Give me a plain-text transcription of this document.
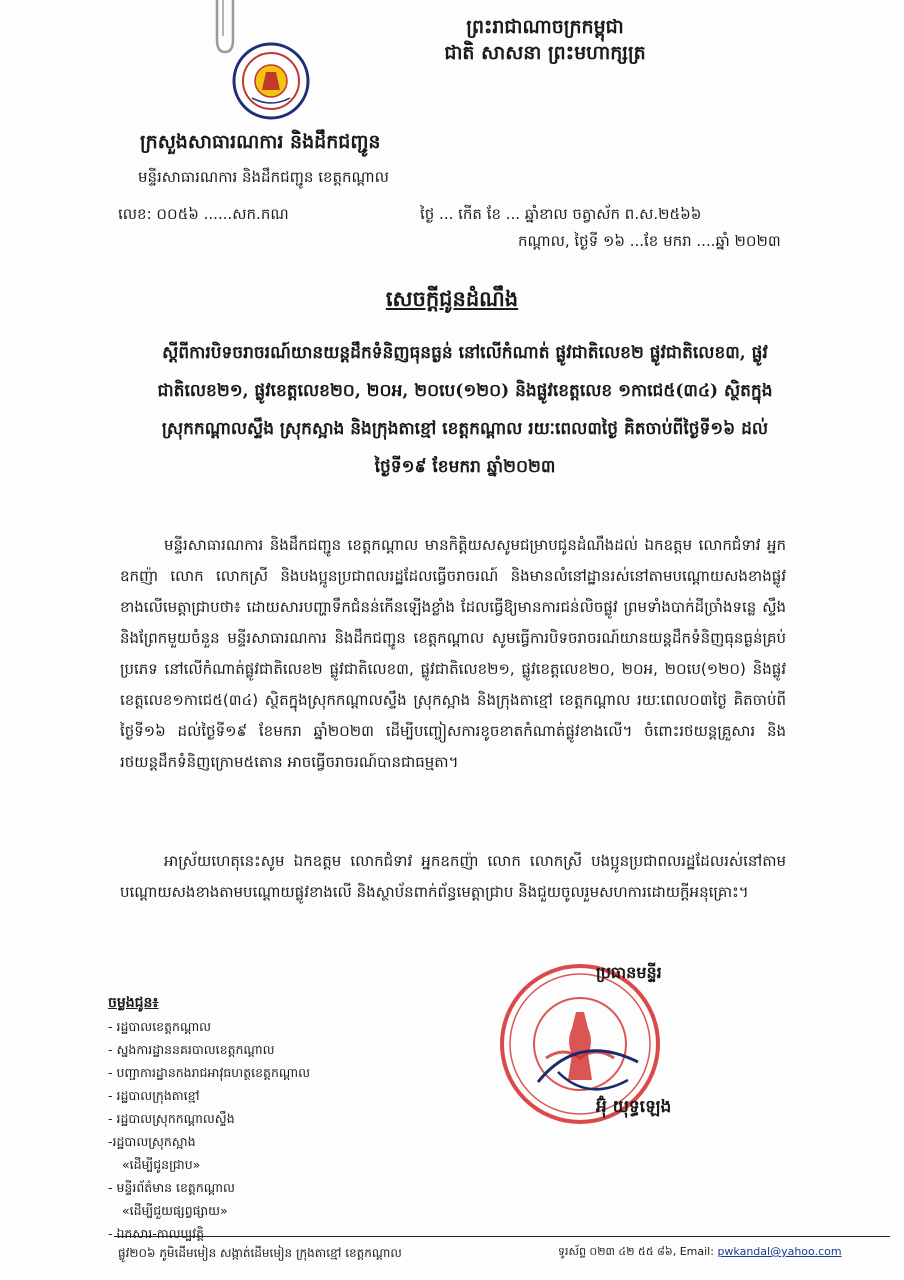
ព្រះរាជាណាចក្រកម្ពុជា
ជាតិ សាសនា ព្រះមហាក្សត្រ
ក្រសួងសាធារណការ និងដឹកជញ្ជូន
មន្ទីរសាធារណការ និងដឹកជញ្ជូន ខេត្តកណ្ដាល
លេខ: ០០៥៦ ......សក.កណ	ថ្ងៃ ... កើត ខែ ... ឆ្នាំខាល ចត្វាស័ក ព.ស.២៥៦៦
កណ្ដាល, ថ្ងៃទី ១៦ ...ខែ មករា ....ឆ្នាំ ២០២៣
សេចក្តីជូនដំណឹង
ស្ដីពីការបិទចរាចរណ៍យានយន្តដឹកទំនិញធុនធ្ងន់ នៅលើកំណាត់ ផ្លូវជាតិលេខ២ ផ្លូវជាតិលេខ៣, ផ្លូវជាតិលេខ២១, ផ្លូវខេត្តលេខ២០, ២០អ, ២០បេ(១២០) និងផ្លូវខេត្តលេខ ១កាជេ៥(៣៤) ស្ថិតក្នុងស្រុកកណ្ដាលស្ទឹង ស្រុកស្អាង និងក្រុងតាខ្មៅ ខេត្តកណ្ដាល រយៈពេល៣ថ្ងៃ គិតចាប់ពីថ្ងៃទី១៦ ដល់ថ្ងៃទី១៩ ខែមករា ឆ្នាំ២០២៣
មន្ទីរសាធារណការ និងដឹកជញ្ជូន ខេត្តកណ្ដាល មានកិត្តិយសសូមជម្រាបជូនដំណឹងដល់ ឯកឧត្តម លោកជំទាវ អ្នកឧកញ៉ា លោក លោកស្រី និងបងប្អូនប្រជាពលរដ្ឋដែលធ្វើចរាចរណ៍ និងមានលំនៅដ្ឋានរស់នៅតាមបណ្ដោយសងខាងផ្លូវខាងលើមេត្តាជ្រាបថា៖ ដោយសារបញ្ហាទឹកជំនន់កើនឡើងខ្លាំង ដែលធ្វើឱ្យមានការជន់លិចផ្លូវ ព្រមទាំងបាក់ដីច្រាំងទន្លេ ស្ទឹង និងព្រែកមួយចំនួន មន្ទីរសាធារណការ និងដឹកជញ្ជូន ខេត្តកណ្ដាល សូមធ្វើការបិទចរាចរណ៍យានយន្តដឹកទំនិញធុនធ្ងន់គ្រប់ប្រភេទ នៅលើកំណាត់ផ្លូវជាតិលេខ២ ផ្លូវជាតិលេខ៣, ផ្លូវជាតិលេខ២១, ផ្លូវខេត្តលេខ២០, ២០អ, ២០បេ(១២០) និងផ្លូវខេត្តលេខ១កាជេ៥(៣៤) ស្ថិតក្នុងស្រុកកណ្ដាលស្ទឹង ស្រុកស្អាង និងក្រុងតាខ្មៅ ខេត្តកណ្ដាល រយៈពេល០៣ថ្ងៃ គិតចាប់ពី ថ្ងៃទី១៦ ដល់ថ្ងៃទី១៩ ខែមករា ឆ្នាំ២០២៣ ដើម្បីបញ្ចៀសការខូចខាតកំណាត់ផ្លូវខាងលើ។ ចំពោះរថយន្តគ្រួសារ និងរថយន្តដឹកទំនិញក្រោម៥តោន អាចធ្វើចរាចរណ៍បានជាធម្មតា។
អាស្រ័យហេតុនេះសូម ឯកឧត្តម លោកជំទាវ អ្នកឧកញ៉ា លោក លោកស្រី បងប្អូនប្រជាពលរដ្ឋដែលរស់នៅតាមបណ្ដោយសងខាងតាមបណ្ដោយផ្លូវខាងលើ និងស្ថាប័នពាក់ព័ន្ធមេត្តាជ្រាប និងជួយចូលរួមសហការដោយក្តីអនុគ្រោះ។
ប្រធានមន្ទីរ
អ៊ុំ យុទ្ធឡេង
ចម្លងជូន៖
- រដ្ឋបាលខេត្តកណ្ដាល
- ស្នងការដ្ឋាននគរបាលខេត្តកណ្ដាល
- បញ្ជាការដ្ឋានកងរាជអាវុធហត្ថខេត្តកណ្ដាល
- រដ្ឋបាលក្រុងតាខ្មៅ
- រដ្ឋបាលស្រុកកណ្ដាលស្ទឹង
-រដ្ឋបាលស្រុកស្អាង
«ដើម្បីជូនជ្រាប»
- មន្ទីរព័ត៌មាន ខេត្តកណ្ដាល
«ដើម្បីជួយផ្សព្វផ្សាយ»
- ឯកសារ-កាលប្បវត្តិ
ផ្លូវ២០៦ ភូមិដើមមៀន សង្កាត់ដើមមៀន ក្រុងតាខ្មៅ ខេត្តកណ្ដាល	ទូរស័ព្ទ ០២៣ ៤២ ៥៥ ៨៦, Email: pwkandal@yahoo.com
